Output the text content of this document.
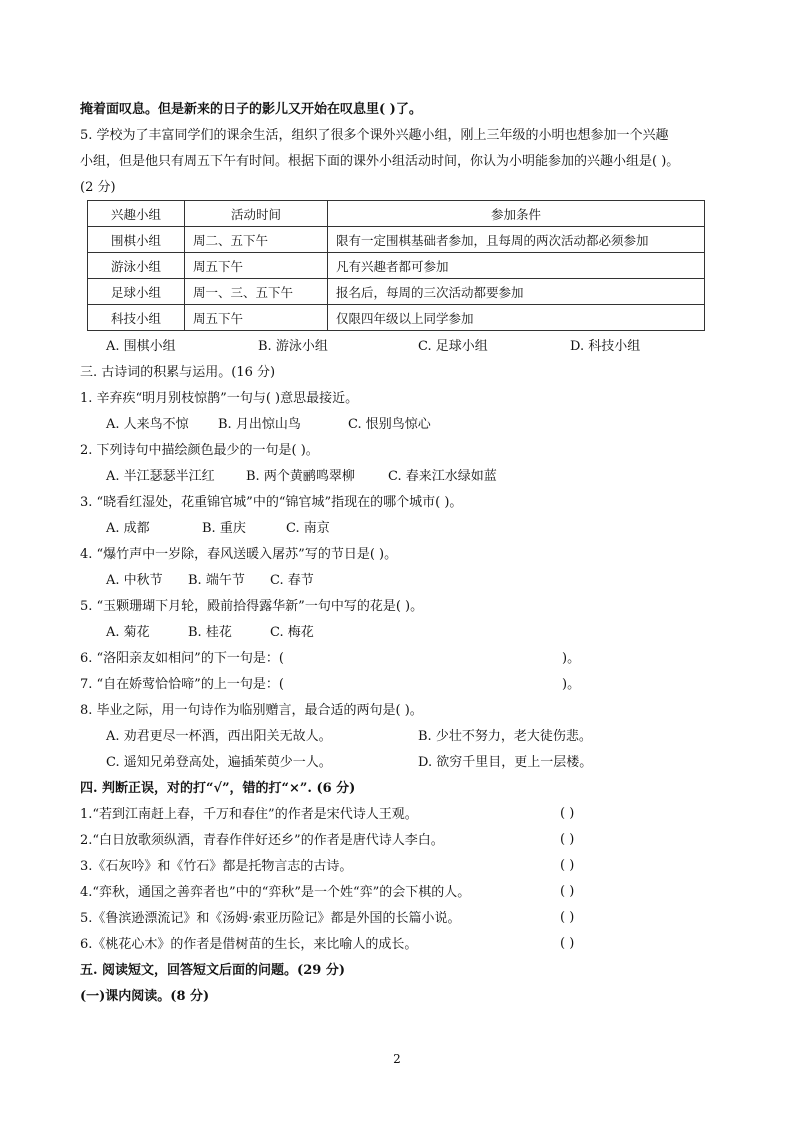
掩着面叹息。但是新来的日子的影儿又开始在叹息里( )了。
5. 学校为了丰富同学们的课余生活，组织了很多个课外兴趣小组，刚上三年级的小明也想参加一个兴趣
小组，但是他只有周五下午有时间。根据下面的课外小组活动时间，你认为小明能参加的兴趣小组是( )。
(2 分)
兴趣小组	活动时间	参加条件
围棋小组	周二、五下午	限有一定围棋基础者参加，且每周的两次活动都必须参加
游泳小组	周五下午	凡有兴趣者都可参加
足球小组	周一、三、五下午	报名后，每周的三次活动都要参加
科技小组	周五下午	仅限四年级以上同学参加
A. 围棋小组	B. 游泳小组	C. 足球小组	D. 科技小组
三. 古诗词的积累与运用。(16 分)
1. 辛弃疾“明月别枝惊鹊”一句与( )意思最接近。
A. 人来鸟不惊 B. 月出惊山鸟	C. 恨别鸟惊心
2. 下列诗句中描绘颜色最少的一句是( )。
A. 半江瑟瑟半江红 B. 两个黄鹂鸣翠柳	C. 春来江水绿如蓝
3. “晓看红湿处，花重锦官城”中的“锦官城”指现在的哪个城市( )。
A. 成都	B. 重庆	C. 南京
4. “爆竹声中一岁除，春风送暖入屠苏”写的节日是( )。
A. 中秋节 B. 端午节 C. 春节
5. “玉颗珊瑚下月轮，殿前拾得露华新”一句中写的花是( )。
A. 菊花	B. 桂花	C. 梅花
6. “洛阳亲友如相问”的下一句是：(	)。
7. “自在娇莺恰恰啼”的上一句是：(	)。
8. 毕业之际，用一句诗作为临别赠言，最合适的两句是( )。
A. 劝君更尽一杯酒，西出阳关无故人。	B. 少壮不努力，老大徒伤悲。
C. 遥知兄弟登高处，遍插茱萸少一人。	D. 欲穷千里目，更上一层楼。
四. 判断正误，对的打“√”，错的打“×”. (6 分)
1.“若到江南赶上春，千万和春住”的作者是宋代诗人王观。	( )
2.“白日放歌须纵酒，青春作伴好还乡”的作者是唐代诗人李白。	( )
3.《石灰吟》和《竹石》都是托物言志的古诗。	( )
4.“弈秋，通国之善弈者也”中的“弈秋”是一个姓“弈”的会下棋的人。	( )
5.《鲁滨逊漂流记》和《汤姆·索亚历险记》都是外国的长篇小说。	( )
6.《桃花心木》的作者是借树苗的生长，来比喻人的成长。	( )
五. 阅读短文，回答短文后面的问题。(29 分)
(一)课内阅读。(8 分)
2
